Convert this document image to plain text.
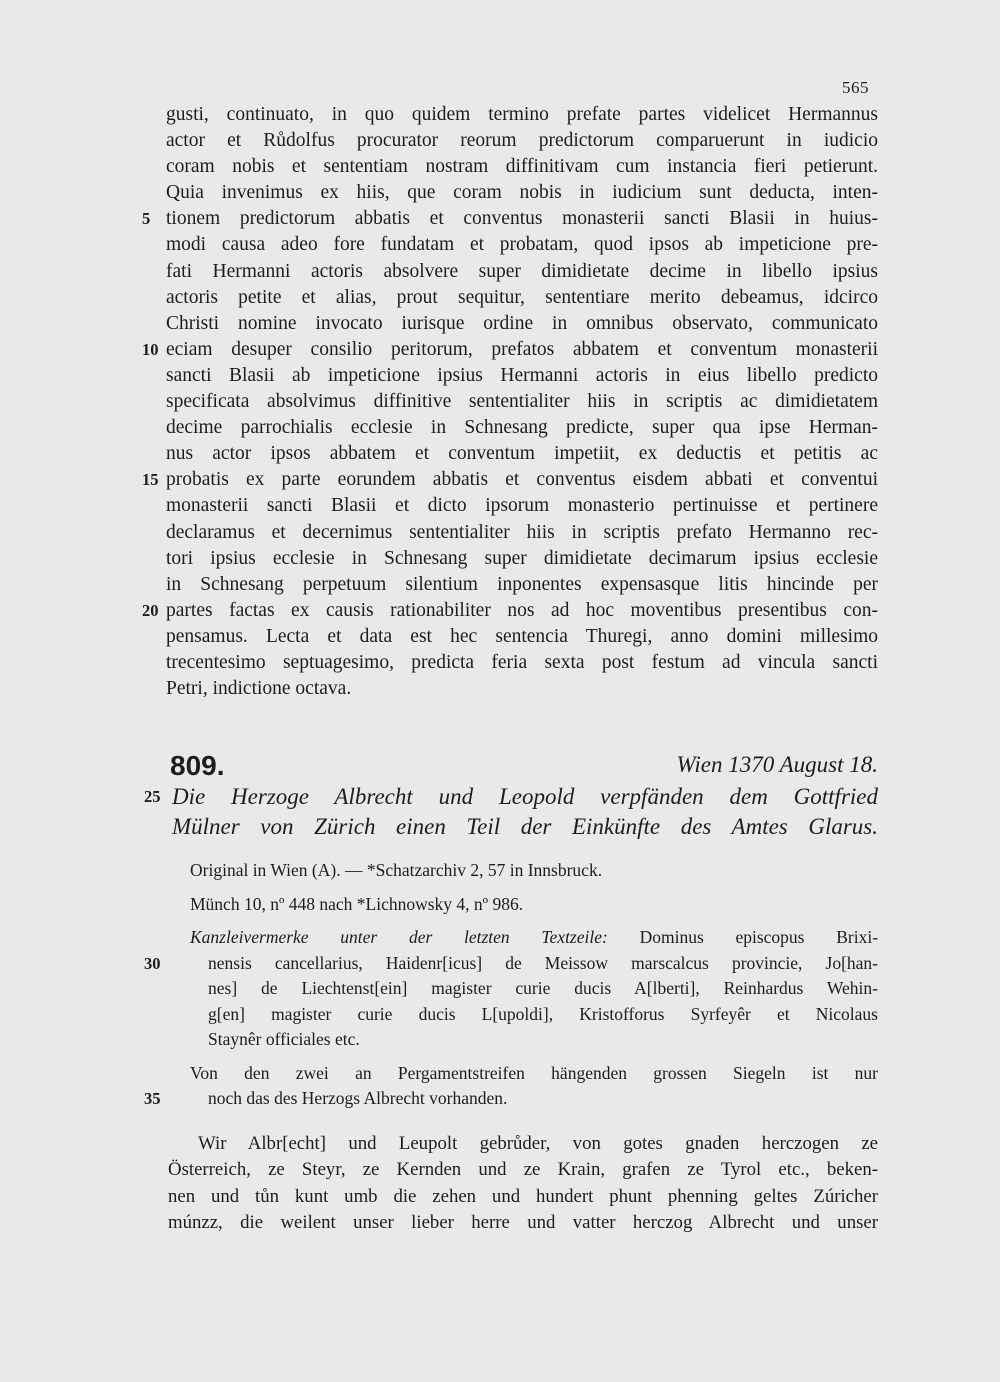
565
gusti, continuato, in quo quidem termino prefate partes videlicet Hermannus
actor et Růdolfus procurator reorum predictorum comparuerunt in iudicio
coram nobis et sententiam nostram diffinitivam cum instancia fieri petierunt.
Quia invenimus ex hiis, que coram nobis in iudicium sunt deducta, inten-
5 tionem predictorum abbatis et conventus monasterii sancti Blasii in huius-
modi causa adeo fore fundatam et probatam, quod ipsos ab impeticione pre-
fati Hermanni actoris absolvere super dimidietate decime in libello ipsius
actoris petite et alias, prout sequitur, sententiare merito debeamus, idcirco
Christi nomine invocato iurisque ordine in omnibus observato, communicato
10 eciam desuper consilio peritorum, prefatos abbatem et conventum monasterii
sancti Blasii ab impeticione ipsius Hermanni actoris in eius libello predicto
specificata absolvimus diffinitive sententialiter hiis in scriptis ac dimidietatem
decime parrochialis ecclesie in Schnesang predicte, super qua ipse Herman-
nus actor ipsos abbatem et conventum impetiit, ex deductis et petitis ac
15 probatis ex parte eorundem abbatis et conventus eisdem abbati et conventui
monasterii sancti Blasii et dicto ipsorum monasterio pertinuisse et pertinere
declaramus et decernimus sententialiter hiis in scriptis prefato Hermanno rec-
tori ipsius ecclesie in Schnesang super dimidietate decimarum ipsius ecclesie
in Schnesang perpetuum silentium inponentes expensasque litis hincinde per
20 partes factas ex causis rationabiliter nos ad hoc moventibus presentibus con-
pensamus. Lecta et data est hec sentencia Thuregi, anno domini millesimo
trecentesimo septuagesimo, predicta feria sexta post festum ad vincula sancti
Petri, indictione octava.
809.	Wien 1370 August 18.
25 Die Herzoge Albrecht und Leopold verpfänden dem Gottfried
Mülner von Zürich einen Teil der Einkünfte des Amtes Glarus.
Original in Wien (A). — *Schatzarchiv 2, 57 in Innsbruck.
Münch 10, nº 448 nach *Lichnowsky 4, nº 986.
Kanzleivermerke unter der letzten Textzeile: Dominus episcopus Brixi-
30	nensis cancellarius, Haidenr[icus] de Meissow marscalcus provincie, Jo[han-
nes] de Liechtenst[ein] magister curie ducis A[lberti], Reinhardus Wehin-
g[en] magister curie ducis L[upoldi], Kristofforus Syrfeyêr et Nicolaus
Staynêr officiales etc.
Von den zwei an Pergamentstreifen hängenden grossen Siegeln ist nur
35	noch das des Herzogs Albrecht vorhanden.
Wir Albr[echt] und Leupolt gebrůder, von gotes gnaden herczogen ze
Österreich, ze Steyr, ze Kernden und ze Krain, grafen ze Tyrol etc., beken-
nen und tůn kunt umb die zehen und hundert phunt phenning geltes Zúricher
múnzz, die weilent unser lieber herre und vatter herczog Albrecht und unser
